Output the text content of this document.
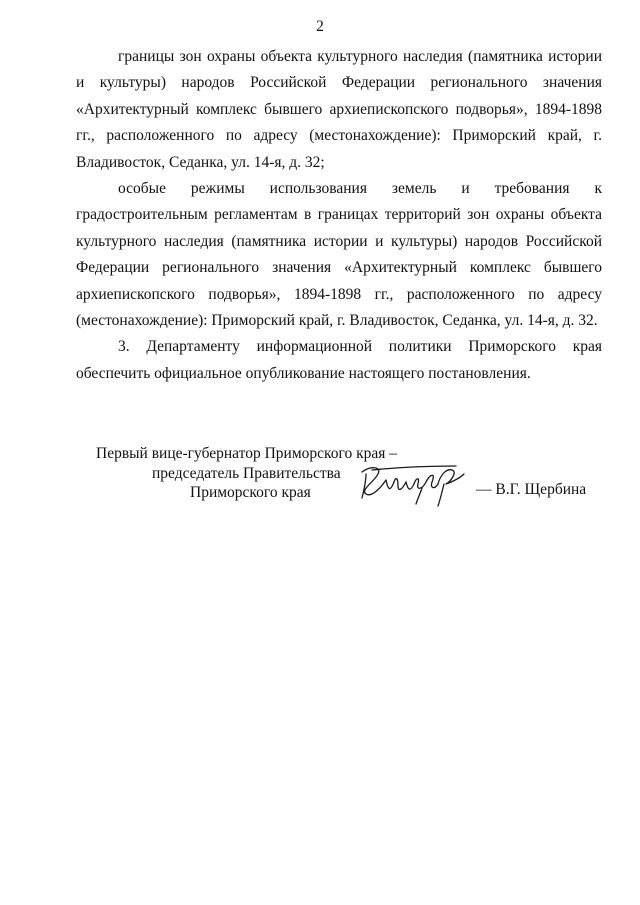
2

границы зон охраны объекта культурного наследия (памятника истории и культуры) народов Российской Федерации регионального значения «Архитектурный комплекс бывшего архиепископского подворья», 1894-1898 гг., расположенного по адресу (местонахождение): Приморский край, г. Владивосток, Седанка, ул. 14-я, д. 32;

особые режимы использования земель и требования к градостроительным регламентам в границах территорий зон охраны объекта культурного наследия (памятника истории и культуры) народов Российской Федерации регионального значения «Архитектурный комплекс бывшего архиепископского подворья», 1894-1898 гг., расположенного по адресу (местонахождение): Приморский край, г. Владивосток, Седанка, ул. 14-я, д. 32.

3. Департаменту информационной политики Приморского края обеспечить официальное опубликование настоящего постановления.

Первый вице-губернатор Приморского края –
председатель Правительства
Приморского края	— В.Г. Щербина
